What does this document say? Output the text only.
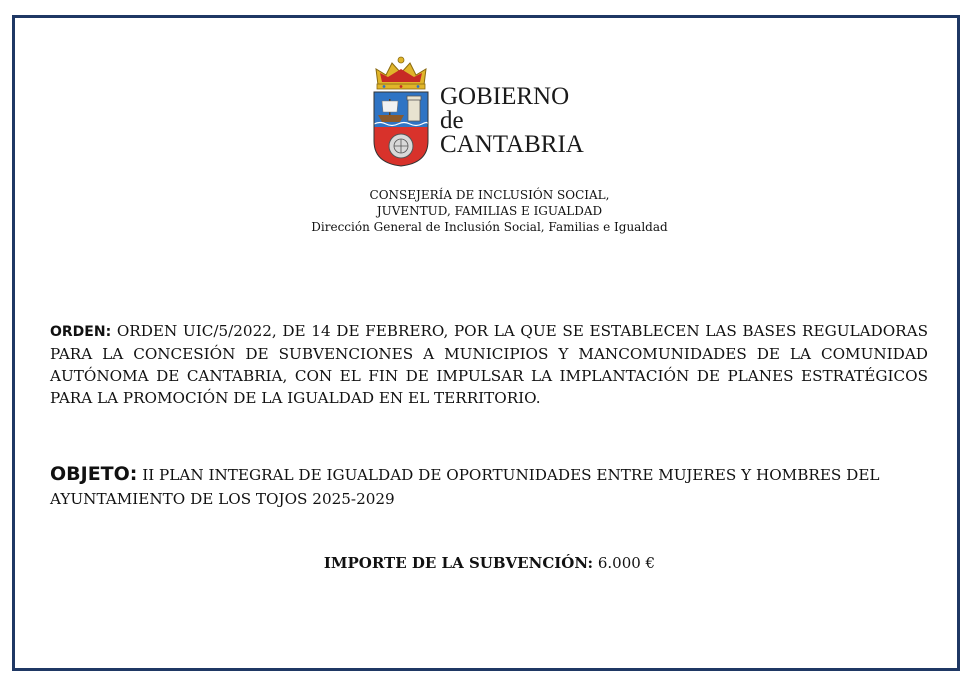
GOBIERNO
de
CANTABRIA
CONSEJERÍA DE INCLUSIÓN SOCIAL,
JUVENTUD, FAMILIAS E IGUALDAD
Dirección General de Inclusión Social, Familias e Igualdad
ORDEN: ORDEN UIC/5/2022, DE 14 DE FEBRERO, POR LA QUE SE ESTABLECEN LAS BASES REGULADORAS PARA LA CONCESIÓN DE SUBVENCIONES A MUNICIPIOS Y MANCOMUNIDADES DE LA COMUNIDAD AUTÓNOMA DE CANTABRIA, CON EL FIN DE IMPULSAR LA IMPLANTACIÓN DE PLANES ESTRATÉGICOS PARA LA PROMOCIÓN DE LA IGUALDAD EN EL TERRITORIO.
OBJETO: II PLAN INTEGRAL DE IGUALDAD DE OPORTUNIDADES ENTRE MUJERES Y HOMBRES DEL AYUNTAMIENTO DE LOS TOJOS 2025-2029
IMPORTE DE LA SUBVENCIÓN: 6.000 €
